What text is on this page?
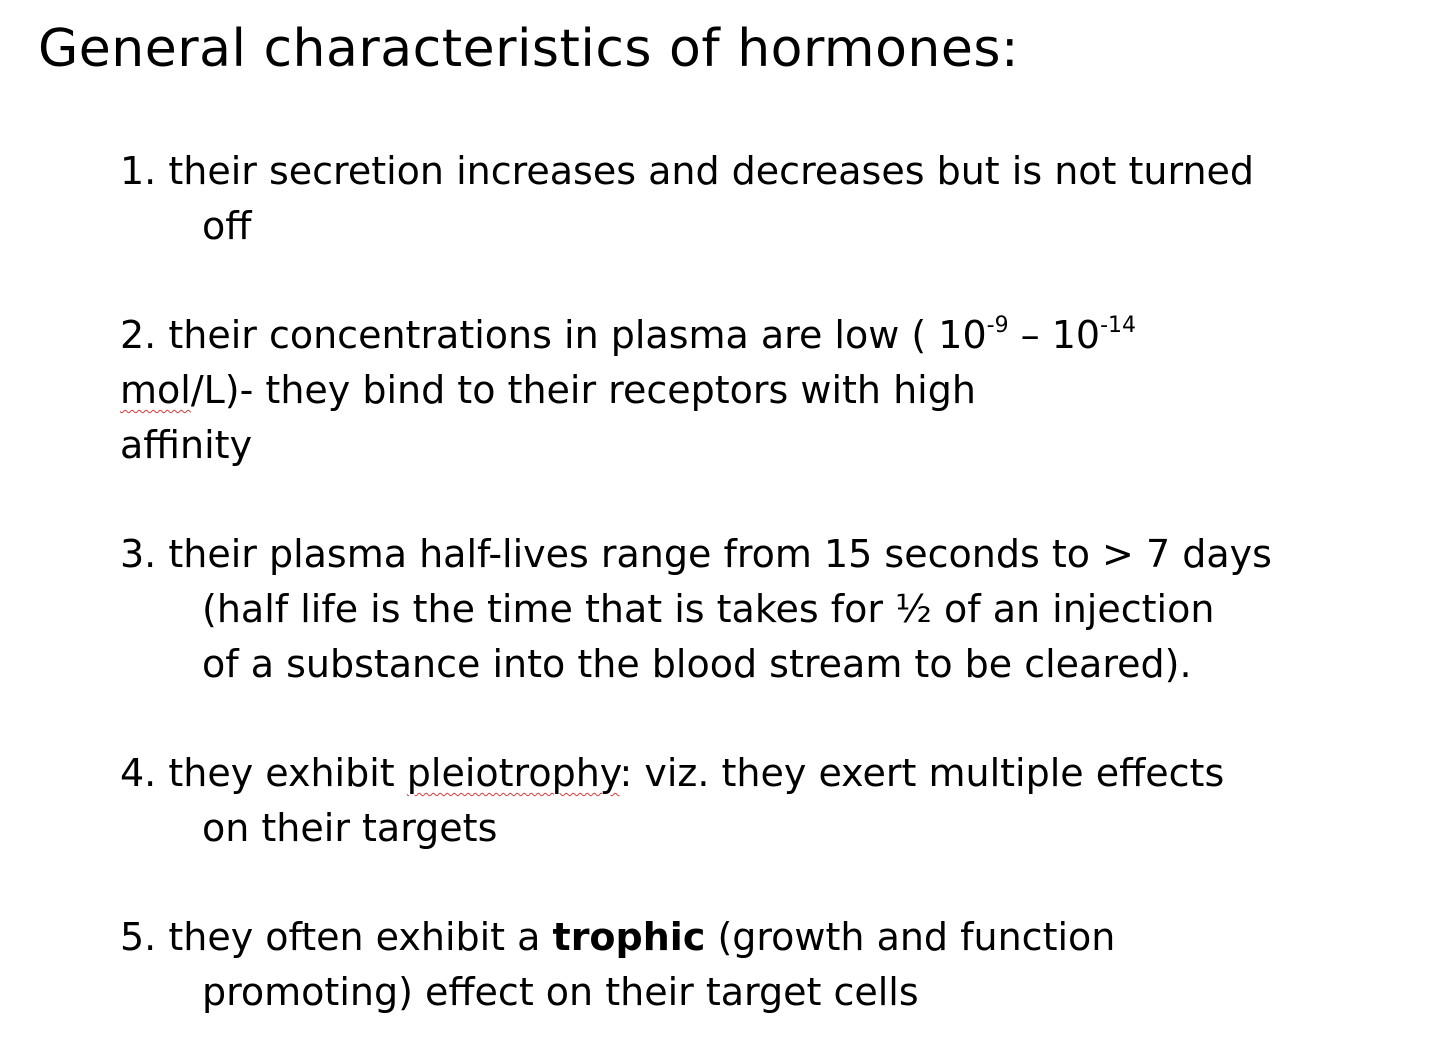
General characteristics of hormones:
1. their secretion increases and decreases but is not turned
off
2. their concentrations in plasma are low ( $10^{-9} - 10^{-14}$
mol/L)- they bind to their receptors with high
affinity
3. their plasma half-lives range from 15 seconds to > 7 days
(half life is the time that is takes for ½ of an injection
of a substance into the blood stream to be cleared).
4. they exhibit pleiotrophy: viz. they exert multiple effects
on their targets
5. they often exhibit a trophic (growth and function
promoting) effect on their target cells
